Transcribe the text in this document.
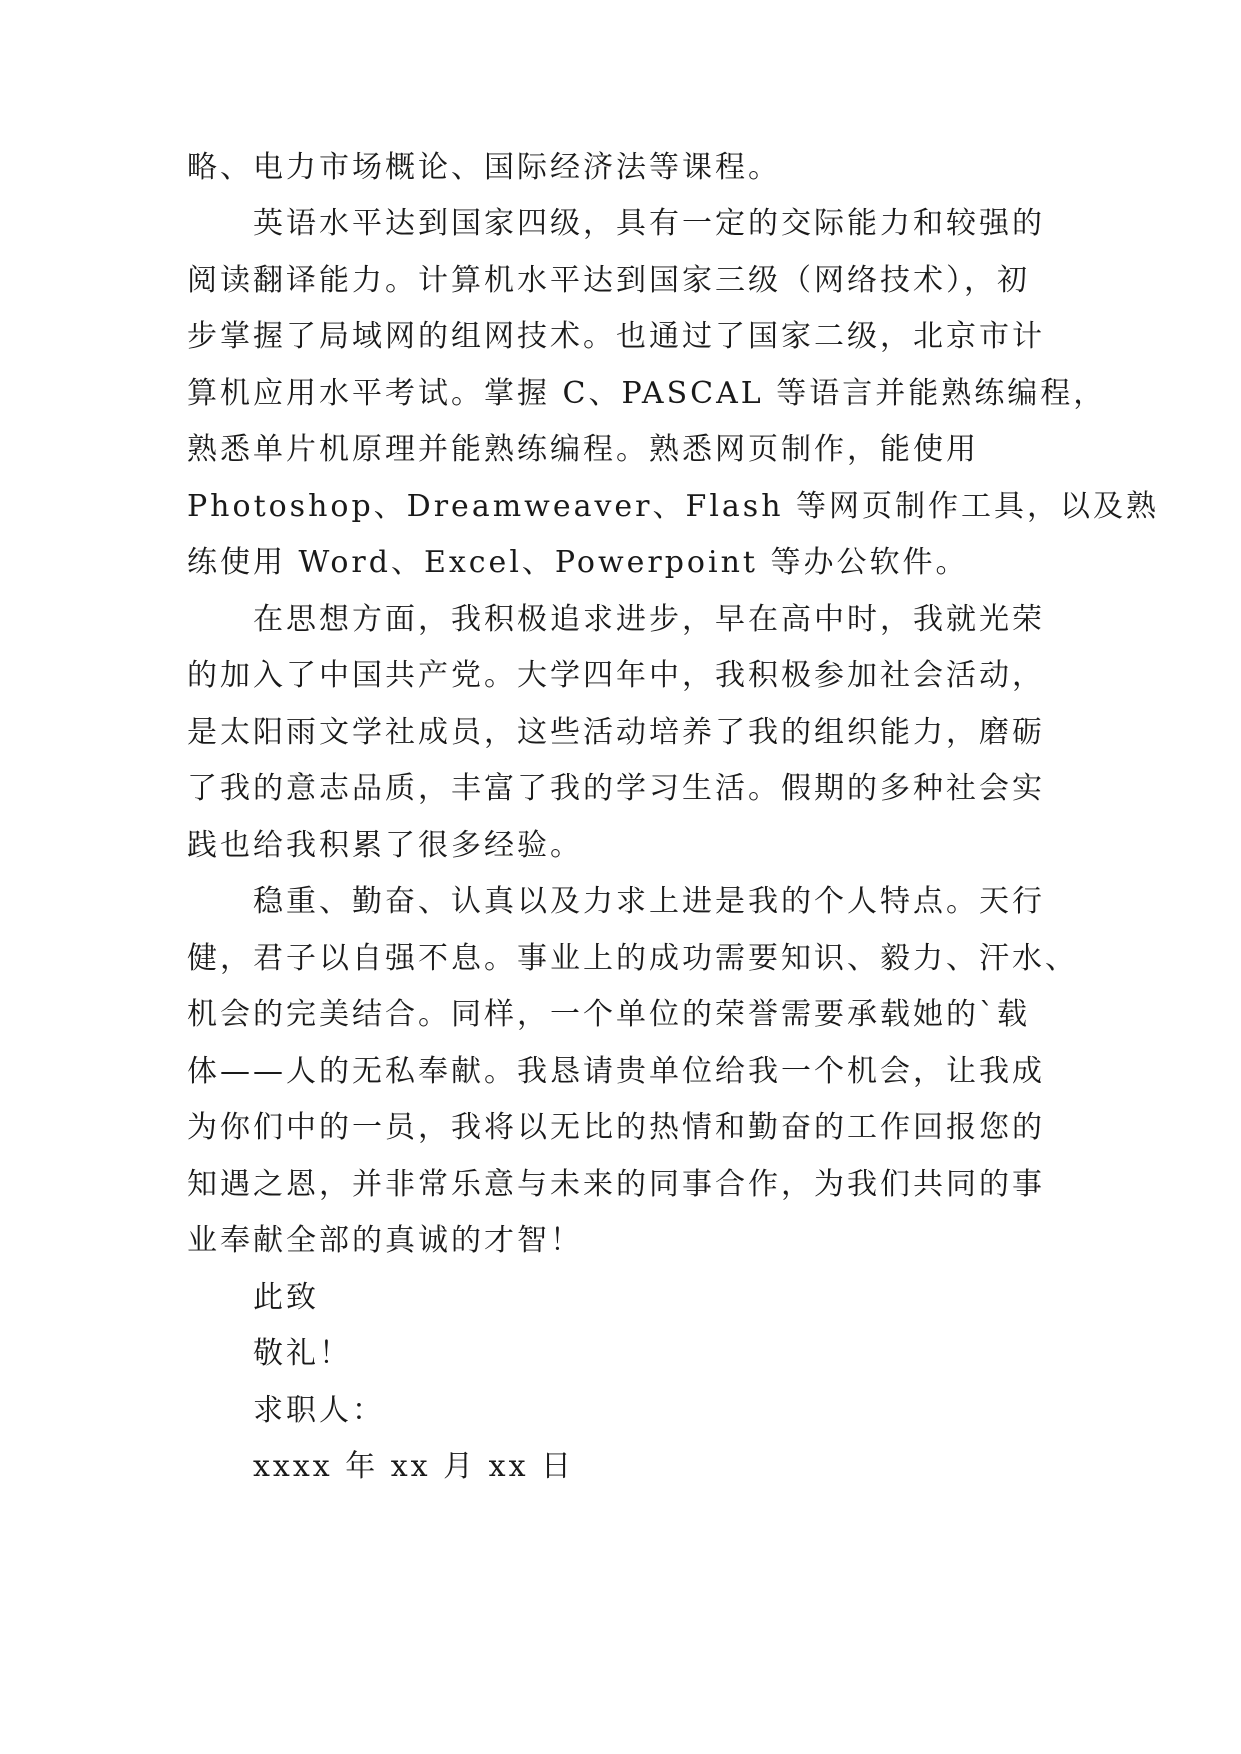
略、电力市场概论、国际经济法等课程。
英语水平达到国家四级，具有一定的交际能力和较强的
阅读翻译能力。计算机水平达到国家三级（网络技术），初
步掌握了局域网的组网技术。也通过了国家二级，北京市计
算机应用水平考试。掌握 C、PASCAL 等语言并能熟练编程，
熟悉单片机原理并能熟练编程。熟悉网页制作，能使用
Photoshop、Dreamweaver、Flash 等网页制作工具，以及熟
练使用 Word、Excel、Powerpoint 等办公软件。
在思想方面，我积极追求进步，早在高中时，我就光荣
的加入了中国共产党。大学四年中，我积极参加社会活动，
是太阳雨文学社成员，这些活动培养了我的组织能力，磨砺
了我的意志品质，丰富了我的学习生活。假期的多种社会实
践也给我积累了很多经验。
稳重、勤奋、认真以及力求上进是我的个人特点。天行
健，君子以自强不息。事业上的成功需要知识、毅力、汗水、
机会的完美结合。同样，一个单位的荣誉需要承载她的`载
体——人的无私奉献。我恳请贵单位给我一个机会，让我成
为你们中的一员，我将以无比的热情和勤奋的工作回报您的
知遇之恩，并非常乐意与未来的同事合作，为我们共同的事
业奉献全部的真诚的才智！
此致
敬礼！
求职人：
xxxx 年 xx 月 xx 日
